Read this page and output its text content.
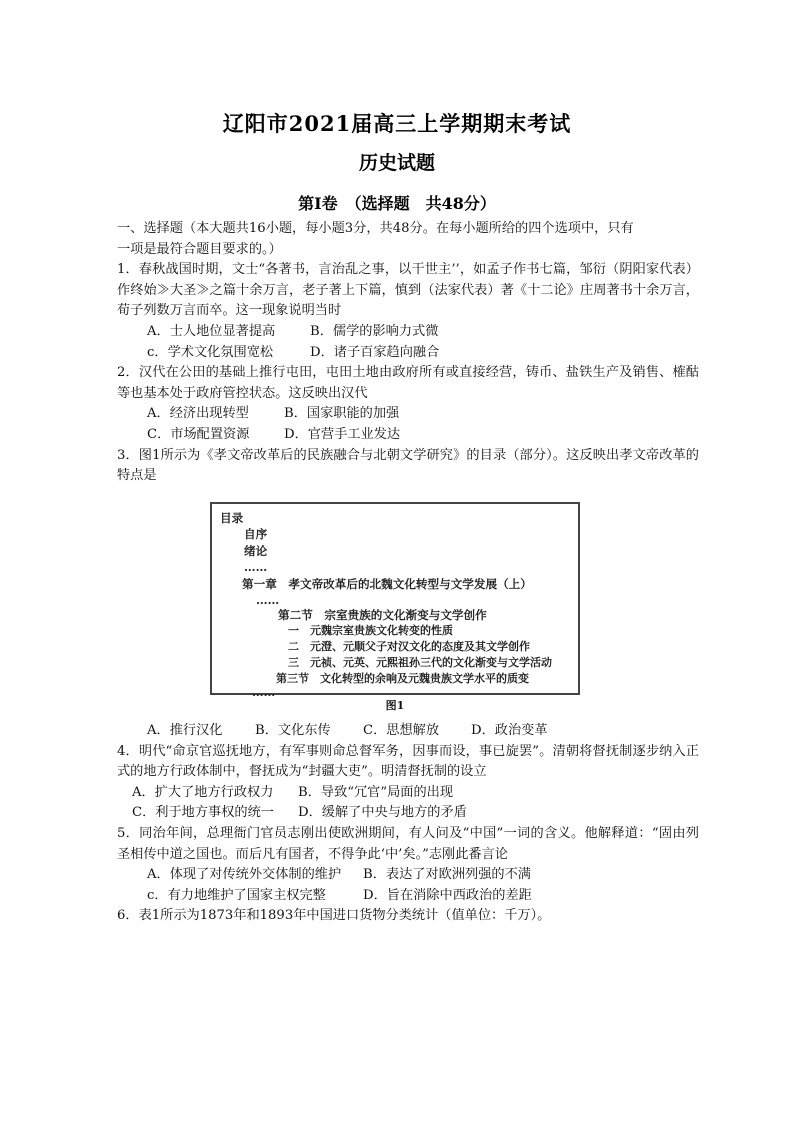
辽阳市2021届高三上学期期末考试
历史试题
第Ⅰ卷　（选择题　共48分）

一、选择题（本大题共16小题，每小题3分，共48分。在每小题所给的四个选项中，只有

一项是最符合题目要求的。）

1．春秋战国时期，文士“各著书，言治乱之事，以干世主’’，如孟子作书七篇，邹衍（阴阳家代表）作终始≫大圣≫之篇十余万言，老子著上下篇，慎到（法家代表）著《十二论》庄周著书十余万言，荀子列数万言而卒。这一现象说明当时

A．士人地位显著提高	B．儒学的影响力式微
c．学术文化氛围宽松	D．诸子百家趋向融合

2．汉代在公田的基础上推行屯田，屯田土地由政府所有或直接经营，铸币、盐铁生产及销售、榷酤等也基本处于政府管控状态。这反映出汉代

A．经济出现转型	B．国家职能的加强
C．市场配置资源	D．官营手工业发达

3．图1所示为《孝文帝改革后的民族融合与北朝文学研究》的目录（部分）。这反映出孝文帝改革的特点是

目录
自序
绪论
……
第一章　孝文帝改革后的北魏文化转型与文学发展（上）
……
第二节　宗室贵族的文化渐变与文学创作
一　元魏宗室贵族文化转变的性质
二　元澄、元顺父子对汉文化的态度及其文学创作
三　元祯、元英、元熙祖孙三代的文化渐变与文学活动
第三节　文化转型的余响及元魏贵族文学水平的质变
……
图1
A．推行汉化	B．文化东传	C．思想解放	D．政治变革

4．明代“命京官巡抚地方，有军事则命总督军务，因事而设，事已旋罢”。清朝将督抚制逐步纳入正式的地方行政体制中，督抚成为“封疆大吏”。明清督抚制的设立

A．扩大了地方行政权力	B．导致“冗官”局面的出现
C．利于地方事权的统一	D．缓解了中央与地方的矛盾

5．同治年间，总理衙门官员志刚出使欧洲期间，有人问及“中国”一词的含义。他解释道：“固由列圣相传中道之国也。而后凡有国者，不得争此‘中’矣。”志刚此番言论

A．体现了对传统外交体制的维护	B．表达了对欧洲列强的不满
c．有力地维护了国家主权完整	D．旨在消除中西政治的差距

6．表1所示为1873年和1893年中国进口货物分类统计（值单位：千万）。
